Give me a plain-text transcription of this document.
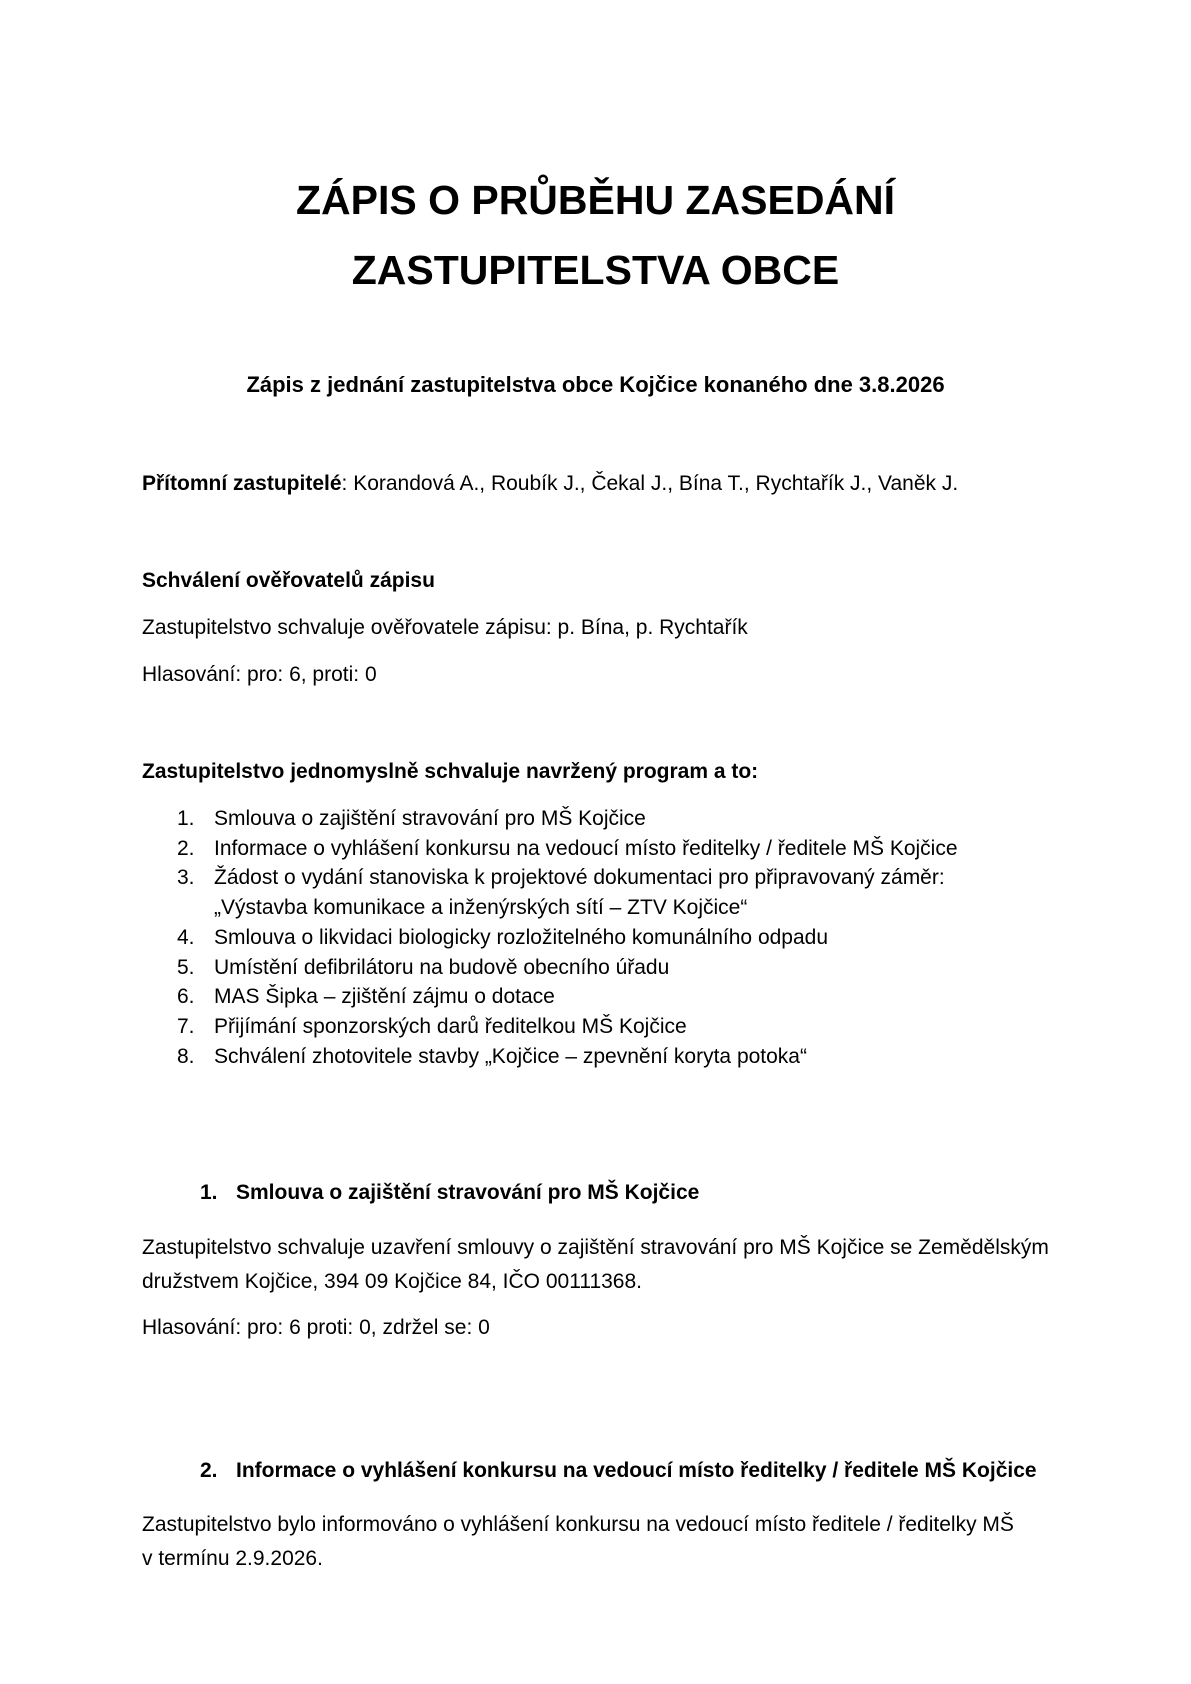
ZÁPIS O PRŮBĚHU ZASEDÁNÍ
ZASTUPITELSTVA OBCE
Zápis z jednání zastupitelstva obce Kojčice konaného dne 3.8.2026
Přítomní zastupitelé: Korandová A., Roubík J., Čekal J., Bína T., Rychtařík J., Vaněk J.
Schválení ověřovatelů zápisu
Zastupitelstvo schvaluje ověřovatele zápisu: p. Bína, p. Rychtařík
Hlasování: pro: 6, proti: 0
Zastupitelstvo jednomyslně schvaluje navržený program a to:
1. Smlouva o zajištění stravování pro MŠ Kojčice
2. Informace o vyhlášení konkursu na vedoucí místo ředitelky / ředitele MŠ Kojčice
3. Žádost o vydání stanoviska k projektové dokumentaci pro připravovaný záměr:
„Výstavba komunikace a inženýrských sítí – ZTV Kojčice“
4. Smlouva o likvidaci biologicky rozložitelného komunálního odpadu
5. Umístění defibrilátoru na budově obecního úřadu
6. MAS Šipka – zjištění zájmu o dotace
7. Přijímání sponzorských darů ředitelkou MŠ Kojčice
8. Schválení zhotovitele stavby „Kojčice – zpevnění koryta potoka“
1. Smlouva o zajištění stravování pro MŠ Kojčice
Zastupitelstvo schvaluje uzavření smlouvy o zajištění stravování pro MŠ Kojčice se Zemědělským
družstvem Kojčice, 394 09 Kojčice 84, IČO 00111368.
Hlasování: pro: 6 proti: 0, zdržel se: 0
2. Informace o vyhlášení konkursu na vedoucí místo ředitelky / ředitele MŠ Kojčice
Zastupitelstvo bylo informováno o vyhlášení konkursu na vedoucí místo ředitele / ředitelky MŠ
v termínu 2.9.2026.
